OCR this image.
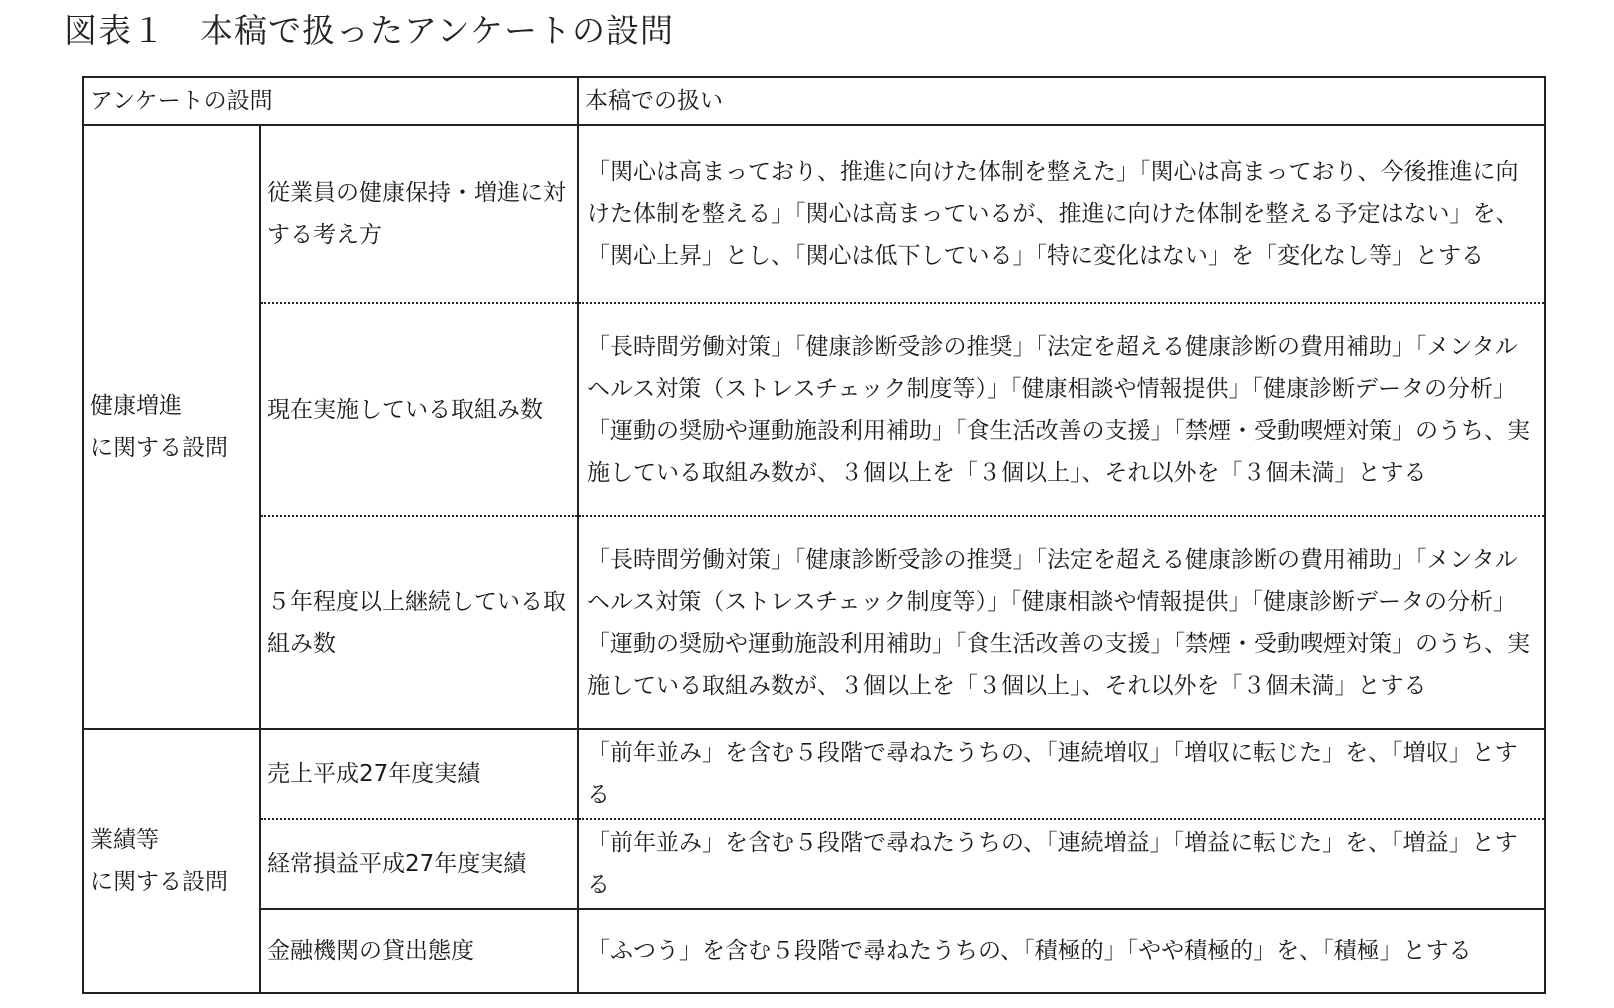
図表１　本稿で扱ったアンケートの設問
アンケートの設問		本稿での扱い

健康増進
に関する設問	従業員の健康保持・増進に対する考え方	「関心は高まっており、推進に向けた体制を整えた」「関心は高まっており、今後推進に向けた体制を整える」「関心は高まっているが、推進に向けた体制を整える予定はない」を、「関心上昇」とし、「関心は低下している」「特に変化はない」を「変化なし等」とする

	現在実施している取組み数	「長時間労働対策」「健康診断受診の推奨」「法定を超える健康診断の費用補助」「メンタルヘルス対策（ストレスチェック制度等）」「健康相談や情報提供」「健康診断データの分析」「運動の奨励や運動施設利用補助」「食生活改善の支援」「禁煙・受動喫煙対策」のうち、実施している取組み数が、３個以上を「３個以上」、それ以外を「３個未満」とする

	５年程度以上継続している取組み数	「長時間労働対策」「健康診断受診の推奨」「法定を超える健康診断の費用補助」「メンタルヘルス対策（ストレスチェック制度等）」「健康相談や情報提供」「健康診断データの分析」「運動の奨励や運動施設利用補助」「食生活改善の支援」「禁煙・受動喫煙対策」のうち、実施している取組み数が、３個以上を「３個以上」、それ以外を「３個未満」とする

業績等
に関する設問	売上平成27年度実績	「前年並み」を含む５段階で尋ねたうちの、「連続増収」「増収に転じた」を、「増収」とする

	経常損益平成27年度実績	「前年並み」を含む５段階で尋ねたうちの、「連続増益」「増益に転じた」を、「増益」とする

	金融機関の貸出態度	「ふつう」を含む５段階で尋ねたうちの、「積極的」「やや積極的」を、「積極」とする
